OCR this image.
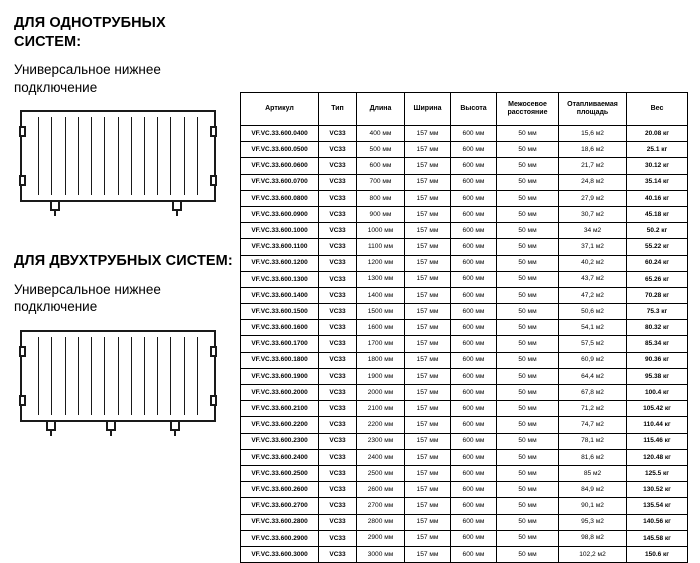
ДЛЯ ОДНОТРУБНЫХ СИСТЕМ:

Универсальное нижнее подключение

ДЛЯ ДВУХТРУБНЫХ СИСТЕМ:

Универсальное нижнее подключение

Артикул	Тип	Длина	Ширина	Высота	Межосевое расстояние	Отапливаемая площадь	Вес
VF.VC.33.600.0400	VC33	400 мм	157 мм	600 мм	50 мм	15,6 м2	20.08 кг
VF.VC.33.600.0500	VC33	500 мм	157 мм	600 мм	50 мм	18,6 м2	25.1 кг
VF.VC.33.600.0600	VC33	600 мм	157 мм	600 мм	50 мм	21,7 м2	30.12 кг
VF.VC.33.600.0700	VC33	700 мм	157 мм	600 мм	50 мм	24,8 м2	35.14 кг
VF.VC.33.600.0800	VC33	800 мм	157 мм	600 мм	50 мм	27,9 м2	40.16 кг
VF.VC.33.600.0900	VC33	900 мм	157 мм	600 мм	50 мм	30,7 м2	45.18 кг
VF.VC.33.600.1000	VC33	1000 мм	157 мм	600 мм	50 мм	34 м2	50.2 кг
VF.VC.33.600.1100	VC33	1100 мм	157 мм	600 мм	50 мм	37,1 м2	55.22 кг
VF.VC.33.600.1200	VC33	1200 мм	157 мм	600 мм	50 мм	40,2 м2	60.24 кг
VF.VC.33.600.1300	VC33	1300 мм	157 мм	600 мм	50 мм	43,7 м2	65.26 кг
VF.VC.33.600.1400	VC33	1400 мм	157 мм	600 мм	50 мм	47,2 м2	70.28 кг
VF.VC.33.600.1500	VC33	1500 мм	157 мм	600 мм	50 мм	50,6 м2	75.3 кг
VF.VC.33.600.1600	VC33	1600 мм	157 мм	600 мм	50 мм	54,1 м2	80.32 кг
VF.VC.33.600.1700	VC33	1700 мм	157 мм	600 мм	50 мм	57,5 м2	85.34 кг
VF.VC.33.600.1800	VC33	1800 мм	157 мм	600 мм	50 мм	60,9 м2	90.36 кг
VF.VC.33.600.1900	VC33	1900 мм	157 мм	600 мм	50 мм	64,4 м2	95.38 кг
VF.VC.33.600.2000	VC33	2000 мм	157 мм	600 мм	50 мм	67,8 м2	100.4 кг
VF.VC.33.600.2100	VC33	2100 мм	157 мм	600 мм	50 мм	71,2 м2	105.42 кг
VF.VC.33.600.2200	VC33	2200 мм	157 мм	600 мм	50 мм	74,7 м2	110.44 кг
VF.VC.33.600.2300	VC33	2300 мм	157 мм	600 мм	50 мм	78,1 м2	115.46 кг
VF.VC.33.600.2400	VC33	2400 мм	157 мм	600 мм	50 мм	81,6 м2	120.48 кг
VF.VC.33.600.2500	VC33	2500 мм	157 мм	600 мм	50 мм	85 м2	125.5 кг
VF.VC.33.600.2600	VC33	2600 мм	157 мм	600 мм	50 мм	84,9 м2	130.52 кг
VF.VC.33.600.2700	VC33	2700 мм	157 мм	600 мм	50 мм	90,1 м2	135.54 кг
VF.VC.33.600.2800	VC33	2800 мм	157 мм	600 мм	50 мм	95,3 м2	140.56 кг
VF.VC.33.600.2900	VC33	2900 мм	157 мм	600 мм	50 мм	98,8 м2	145.58 кг
VF.VC.33.600.3000	VC33	3000 мм	157 мм	600 мм	50 мм	102,2 м2	150.6 кг
